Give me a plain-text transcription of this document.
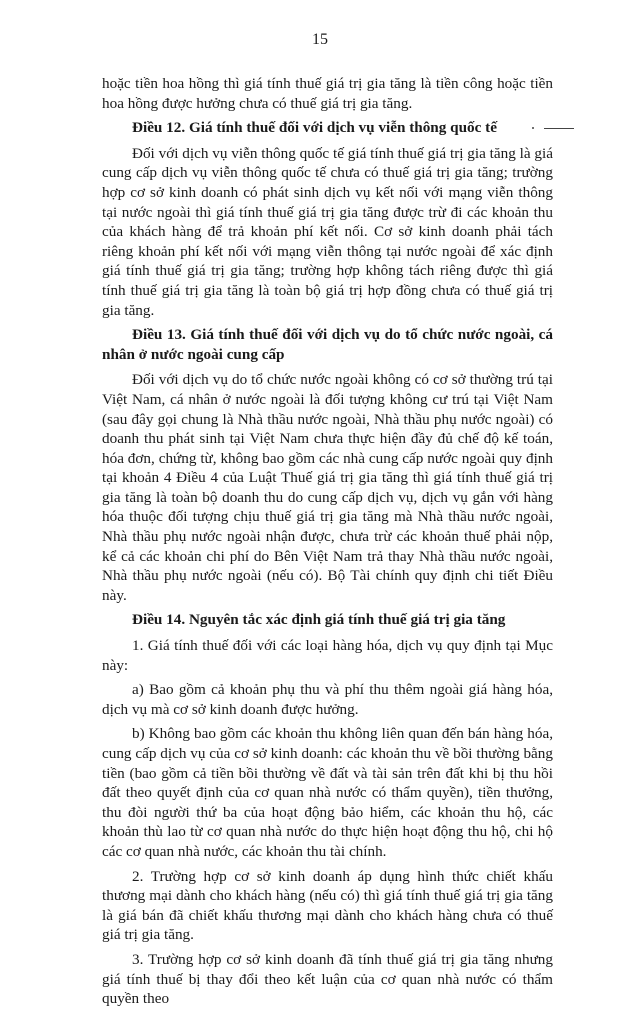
15

hoặc tiền hoa hồng thì giá tính thuế giá trị gia tăng là tiền công hoặc tiền hoa hồng được hưởng chưa có thuế giá trị gia tăng.

Điều 12. Giá tính thuế đối với dịch vụ viễn thông quốc tế

Đối với dịch vụ viễn thông quốc tế giá tính thuế giá trị gia tăng là giá cung cấp dịch vụ viễn thông quốc tế chưa có thuế giá trị gia tăng; trường hợp cơ sở kinh doanh có phát sinh dịch vụ kết nối với mạng viễn thông tại nước ngoài thì giá tính thuế giá trị gia tăng được trừ đi các khoản thu của khách hàng để trả khoản phí kết nối. Cơ sở kinh doanh phải tách riêng khoản phí kết nối với mạng viễn thông tại nước ngoài để xác định giá tính thuế giá trị gia tăng; trường hợp không tách riêng được thì giá tính thuế giá trị gia tăng là toàn bộ giá trị hợp đồng chưa có thuế giá trị gia tăng.

Điều 13. Giá tính thuế đối với dịch vụ do tổ chức nước ngoài, cá nhân ở nước ngoài cung cấp

Đối với dịch vụ do tổ chức nước ngoài không có cơ sở thường trú tại Việt Nam, cá nhân ở nước ngoài là đối tượng không cư trú tại Việt Nam (sau đây gọi chung là Nhà thầu nước ngoài, Nhà thầu phụ nước ngoài) có doanh thu phát sinh tại Việt Nam chưa thực hiện đầy đủ chế độ kế toán, hóa đơn, chứng từ, không bao gồm các nhà cung cấp nước ngoài quy định tại khoản 4 Điều 4 của Luật Thuế giá trị gia tăng thì giá tính thuế giá trị gia tăng là toàn bộ doanh thu do cung cấp dịch vụ, dịch vụ gắn với hàng hóa thuộc đối tượng chịu thuế giá trị gia tăng mà Nhà thầu nước ngoài, Nhà thầu phụ nước ngoài nhận được, chưa trừ các khoản thuế phải nộp, kể cả các khoản chi phí do Bên Việt Nam trả thay Nhà thầu nước ngoài, Nhà thầu phụ nước ngoài (nếu có). Bộ Tài chính quy định chi tiết Điều này.

Điều 14. Nguyên tắc xác định giá tính thuế giá trị gia tăng

1. Giá tính thuế đối với các loại hàng hóa, dịch vụ quy định tại Mục này:

a) Bao gồm cả khoản phụ thu và phí thu thêm ngoài giá hàng hóa, dịch vụ mà cơ sở kinh doanh được hưởng.

b) Không bao gồm các khoản thu không liên quan đến bán hàng hóa, cung cấp dịch vụ của cơ sở kinh doanh: các khoản thu về bồi thường bằng tiền (bao gồm cả tiền bồi thường về đất và tài sản trên đất khi bị thu hồi đất theo quyết định của cơ quan nhà nước có thẩm quyền), tiền thưởng, thu đòi người thứ ba của hoạt động bảo hiểm, các khoản thu hộ, các khoản thù lao từ cơ quan nhà nước do thực hiện hoạt động thu hộ, chi hộ các cơ quan nhà nước, các khoản thu tài chính.

2. Trường hợp cơ sở kinh doanh áp dụng hình thức chiết khấu thương mại dành cho khách hàng (nếu có) thì giá tính thuế giá trị gia tăng là giá bán đã chiết khấu thương mại dành cho khách hàng chưa có thuế giá trị gia tăng.

3. Trường hợp cơ sở kinh doanh đã tính thuế giá trị gia tăng nhưng giá tính thuế bị thay đổi theo kết luận của cơ quan nhà nước có thẩm quyền theo
